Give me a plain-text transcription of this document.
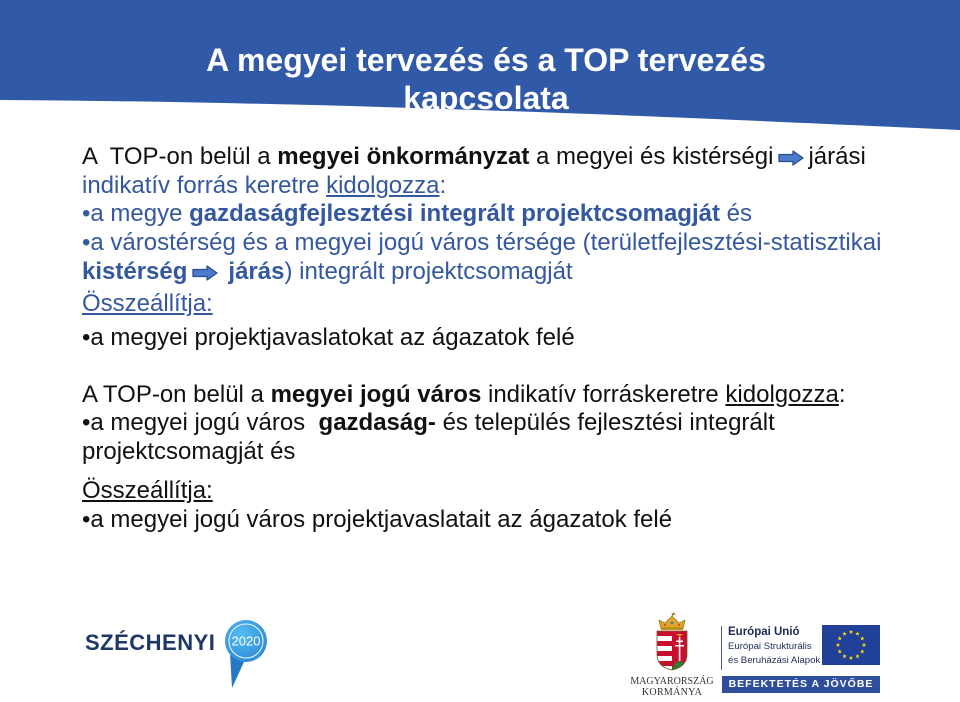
A megyei tervezés és a TOP tervezés
kapcsolata
A  TOP-on belül a megyei önkormányzat a megyei és kistérségi járási
indikatív forrás keretre kidolgozza:
•a megye gazdaságfejlesztési integrált projektcsomagját és
•a várostérség és a megyei jogú város térsége (területfejlesztési-statisztikai
kistérség járás) integrált projektcsomagját
Összeállítja:
•a megyei projektjavaslatokat az ágazatok felé
A TOP-on belül a megyei jogú város indikatív forráskeretre kidolgozza:
•a megyei jogú város  gazdaság- és település fejlesztési integrált
projektcsomagját és
Összeállítja:
•a megyei jogú város projektjavaslatait az ágazatok felé
SZÉCHENYI 2020
MAGYARORSZÁG
KORMÁNYA
Európai Unió
Európai Strukturális
és Beruházási Alapok
BEFEKTETÉS A JÖVŐBE
